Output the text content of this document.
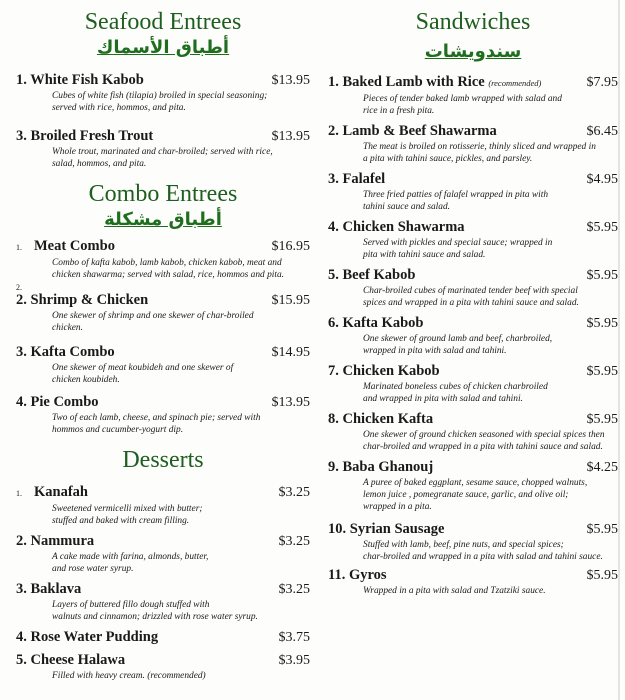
Seafood Entrees
أطباق الأسماك
1. White Fish Kabob	$13.95
Cubes of white fish (tilapia) broiled in special seasoning;
served with rice, hommos, and pita.
3. Broiled Fresh Trout	$13.95
Whole trout, marinated and char-broiled; served with rice,
salad, hommos, and pita.
Combo Entrees
أطباق مشكلة
1. Meat Combo	$16.95
Combo of kafta kabob, lamb kabob, chicken kabob, meat and
chicken shawarma; served with salad, rice, hommos and pita.
2.
2. Shrimp & Chicken	$15.95
One skewer of shrimp and one skewer of char-broiled
chicken.
3. Kafta Combo	$14.95
One skewer of meat koubideh and one skewer of
chicken koubideh.
4. Pie Combo	$13.95
Two of each lamb, cheese, and spinach pie; served with
hommos and cucumber-yogurt dip.
Desserts
1. Kanafah	$3.25
Sweetened vermicelli mixed with butter;
stuffed and baked with cream filling.
2. Nammura	$3.25
A cake made with farina, almonds, butter,
and rose water syrup.
3. Baklava	$3.25
Layers of buttered fillo dough stuffed with
walnuts and cinnamon; drizzled with rose water syrup.
4. Rose Water Pudding	$3.75
5. Cheese Halawa	$3.95
Filled with heavy cream. (recommended)
Sandwiches
سندويشات
1. Baked Lamb with Rice (recommended)	$7.95
Pieces of tender baked lamb wrapped with salad and
rice in a fresh pita.
2. Lamb & Beef Shawarma	$6.45
The meat is broiled on rotisserie, thinly sliced and wrapped in
a pita with tahini sauce, pickles, and parsley.
3. Falafel	$4.95
Three fried patties of falafel wrapped in pita with
tahini sauce and salad.
4. Chicken Shawarma	$5.95
Served with pickles and special sauce; wrapped in
pita with tahini sauce and salad.
5. Beef Kabob	$5.95
Char-broiled cubes of marinated tender beef with special
spices and wrapped in a pita with tahini sauce and salad.
6. Kafta Kabob	$5.95
One skewer of ground lamb and beef, charbroiled,
wrapped in pita with salad and tahini.
7. Chicken Kabob	$5.95
Marinated boneless cubes of chicken charbroiled
and wrapped in pita with salad and tahini.
8. Chicken Kafta	$5.95
One skewer of ground chicken seasoned with special spices then
char-broiled and wrapped in a pita with tahini sauce and salad.
9. Baba Ghanouj	$4.25
A puree of baked eggplant, sesame sauce, chopped walnuts,
lemon juice , pomegranate sauce, garlic, and olive oil;
wrapped in a pita.
10. Syrian Sausage	$5.95
Stuffed with lamb, beef, pine nuts, and special spices;
char-broiled and wrapped in a pita with salad and tahini sauce.
11. Gyros	$5.95
Wrapped in a pita with salad and Tzatziki sauce.
